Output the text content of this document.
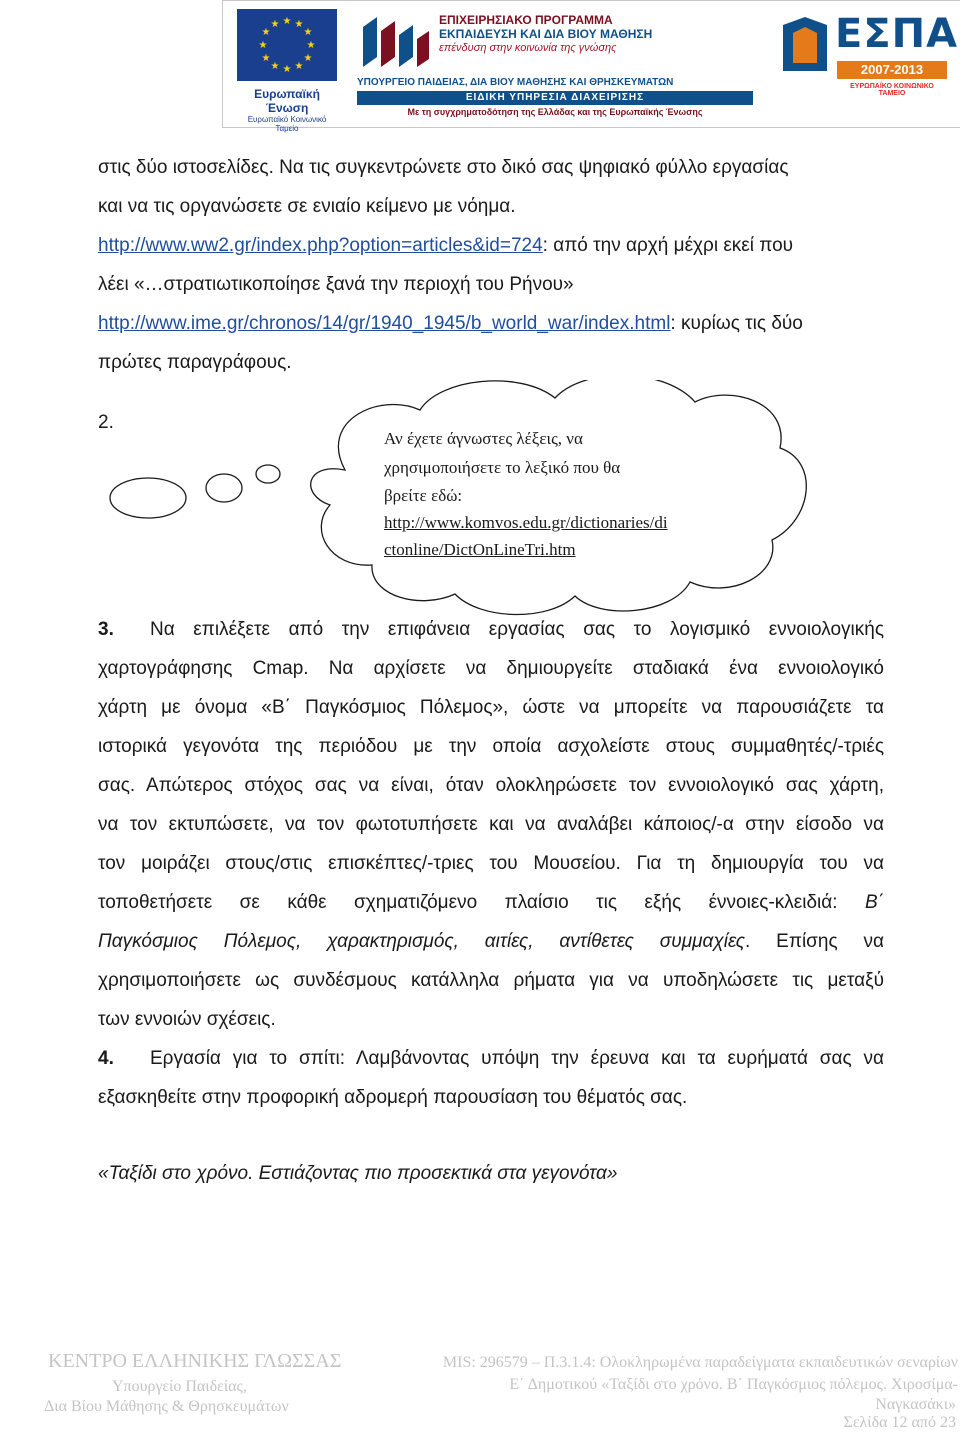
★ ★
★
★
★
★
★
★
★
★
★
★
Ευρωπαϊκή Ένωση
Ευρωπαϊκό Κοινωνικό Ταμείο
ΕΠΙΧΕΙΡΗΣΙΑΚΟ ΠΡΟΓΡΑΜΜΑ
ΕΚΠΑΙΔΕΥΣΗ ΚΑΙ ΔΙΑ ΒΙΟΥ ΜΑΘΗΣΗ
επένδυση στην κοινωνία της γνώσης
ΥΠΟΥΡΓΕΙΟ ΠΑΙΔΕΙΑΣ, ΔΙΑ ΒΙΟΥ ΜΑΘΗΣΗΣ ΚΑΙ ΘΡΗΣΚΕΥΜΑΤΩΝ
ΕΙΔΙΚΗ ΥΠΗΡΕΣΙΑ ΔΙΑΧΕΙΡΙΣΗΣ
Με τη συγχρηματοδότηση της Ελλάδας και της Ευρωπαϊκής Ένωσης
ΕΣΠΑ
2007-2013
ΕΥΡΩΠΑΪΚΟ ΚΟΙΝΩΝΙΚΟ ΤΑΜΕΙΟ
στις δύο ιστοσελίδες. Να τις συγκεντρώνετε στο δικό σας ψηφιακό φύλλο εργασίας
και να τις οργανώσετε σε ενιαίο κείμενο με νόημα.
http://www.ww2.gr/index.php?option=articles&id=724: από την αρχή μέχρι εκεί που
λέει «…στρατιωτικοποίησε ξανά την περιοχή του Ρήνου»
http://www.ime.gr/chronos/14/gr/1940_1945/b_world_war/index.html: κυρίως τις δύο
πρώτες παραγράφους.
2.
Αν έχετε άγνωστες λέξεις, να
χρησιμοποιήσετε το λεξικό που θα
βρείτε εδώ:
http://www.komvos.edu.gr/dictionaries/di
ctonline/DictOnLineTri.htm
3.	Να επιλέξετε από την επιφάνεια εργασίας σας το λογισμικό εννοιολογικής
χαρτογράφησης Cmap. Να αρχίσετε να δημιουργείτε σταδιακά ένα εννοιολογικό
χάρτη με όνομα «Β΄ Παγκόσμιος Πόλεμος», ώστε να μπορείτε να παρουσιάζετε τα
ιστορικά γεγονότα της περιόδου με την οποία ασχολείστε στους συμμαθητές/-τριές
σας. Απώτερος στόχος σας να είναι, όταν ολοκληρώσετε τον εννοιολογικό σας χάρτη,
να τον εκτυπώσετε, να τον φωτοτυπήσετε και να αναλάβει κάποιος/-α στην είσοδο να
τον μοιράζει στους/στις επισκέπτες/-τριες του Μουσείου. Για τη δημιουργία του να
τοποθετήσετε σε κάθε σχηματιζόμενο πλαίσιο τις εξής έννοιες-κλειδιά: Β΄
Παγκόσμιος Πόλεμος, χαρακτηρισμός, αιτίες, αντίθετες συμμαχίες. Επίσης να
χρησιμοποιήσετε ως συνδέσμους κατάλληλα ρήματα για να υποδηλώσετε τις μεταξύ
των εννοιών σχέσεις.
4.	Εργασία για το σπίτι: Λαμβάνοντας υπόψη την έρευνα και τα ευρήματά σας να
εξασκηθείτε στην προφορική αδρομερή παρουσίαση του θέματός σας.
«Ταξίδι στο χρόνο. Εστιάζοντας πιο προσεκτικά στα γεγονότα»
ΚΕΝΤΡΟ ΕΛΛΗΝΙΚΗΣ ΓΛΩΣΣΑΣ
Υπουργείο Παιδείας,
Δια Βίου Μάθησης & Θρησκευμάτων
MIS: 296579 – Π.3.1.4: Ολοκληρωμένα παραδείγματα εκπαιδευτικών σεναρίων
Ε΄ Δημοτικού «Ταξίδι στο χρόνο. Β΄ Παγκόσμιος πόλεμος. Χιροσίμα-
Ναγκασάκι»
Σελίδα 12 από 23
